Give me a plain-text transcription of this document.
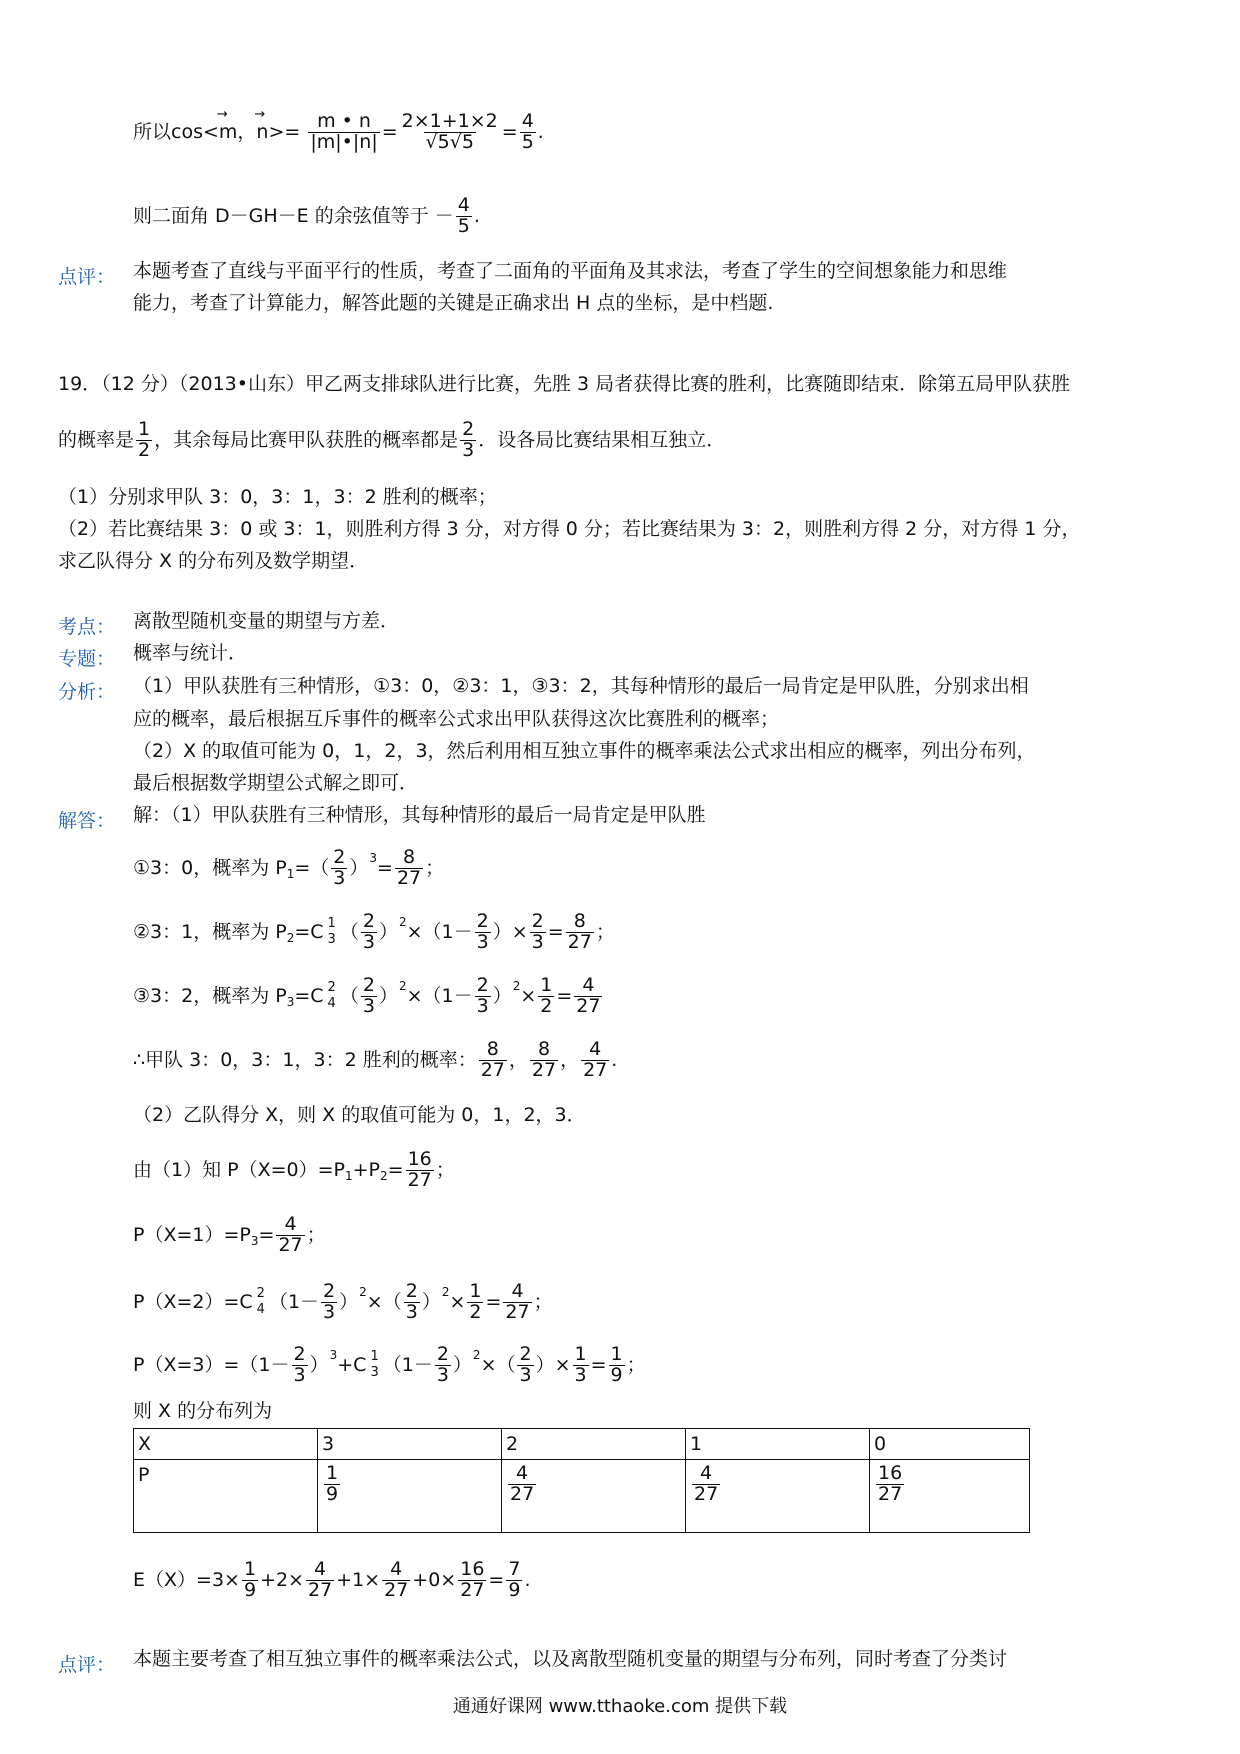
所以cos<→ m，→ $n>= \frac{m • n}{|m|•|n|} = \frac{2\times 1+1\times 2}{√5√5} = \frac{4}{5}$ .
则二面角 D－GH－E 的余弦值等于 － $\frac{4}{5}$ .
点评： 本题考查了直线与平面平行的性质，考查了二面角的平面角及其求法，考查了学生的空间想象能力和思维
能力，考查了计算能力，解答此题的关键是正确求出 H 点的坐标，是中档题.
19．（12 分）（2013•山东）甲乙两支排球队进行比赛，先胜 3 局者获得比赛的胜利，比赛随即结束．除第五局甲队获胜
的概率是 $\frac{1}{2}$ ，其余每局比赛甲队获胜的概率都是 $\frac{2}{3}$ ．设各局比赛结果相互独立．
（1）分别求甲队 3：0，3：1，3：2 胜利的概率；
（2）若比赛结果 3：0 或 3：1，则胜利方得 3 分，对方得 0 分；若比赛结果为 3：2，则胜利方得 2 分，对方得 1 分，
求乙队得分 X 的分布列及数学期望．
考点： 离散型随机变量的期望与方差．
专题： 概率与统计．
分析： （1）甲队获胜有三种情形，①3：0，②3：1，③3：2，其每种情形的最后一局肯定是甲队胜，分别求出相
应的概率，最后根据互斥事件的概率公式求出甲队获得这次比赛胜利的概率；
（2）X 的取值可能为 0，1，2，3，然后利用相互独立事件的概率乘法公式求出相应的概率，列出分布列，
最后根据数学期望公式解之即可．
解答： 解：（1）甲队获胜有三种情形，其每种情形的最后一局肯定是甲队胜
①3：0，概率为 $P_1=( \frac{2}{3} )^3= \frac{8}{27}$ ；
②3：1，概率为 $P_2=C$ 1
3 （ $\frac{2}{3} )^2\times(1- \frac{2}{3}$ ）× $\frac{2}{3} = \frac{8}{27}$ ；
③3：2，概率为 $P_3=C$ 2
4 （ $\frac{2}{3} )^2\times(1- \frac{2}{3} )^2\times \frac{1}{2} = \frac{4}{27}$
∴甲队 3：0，3：1，3：2 胜利的概率： $\frac{8}{27}$ ， $\frac{8}{27}$ ， $\frac{4}{27}$ .
（2）乙队得分 X，则 X 的取值可能为 0，1，2，3．
由（1）知 $P(X=0)=P_1+P_2= \frac{16}{27}$ ；
$P(X=1)=P_3= \frac{4}{27}$ ；
P（X=2）=C 2
4 $(1- \frac{2}{3} )^2\times( \frac{2}{3} )^2\times \frac{1}{2} = \frac{4}{27}$ ；
$P(X=3)=(1- \frac{2}{3} )^3+C$ 1
3 $(1- \frac{2}{3} )^2\times( \frac{2}{3}$ ）× $\frac{1}{3} = \frac{1}{9}$ ；
则 X 的分布列为
X	3	2	1	0
P	$\frac{1}{9}$	$\frac{4}{27}$	$\frac{4}{27}$	$\frac{16}{27}$
$E(X)=3\times \frac{1}{9} +2\times \frac{4}{27} +1\times \frac{4}{27} +0\times \frac{16}{27} = \frac{7}{9}$ .
点评： 本题主要考查了相互独立事件的概率乘法公式，以及离散型随机变量的期望与分布列，同时考查了分类讨
通通好课网 www.tthaoke.com 提供下载
